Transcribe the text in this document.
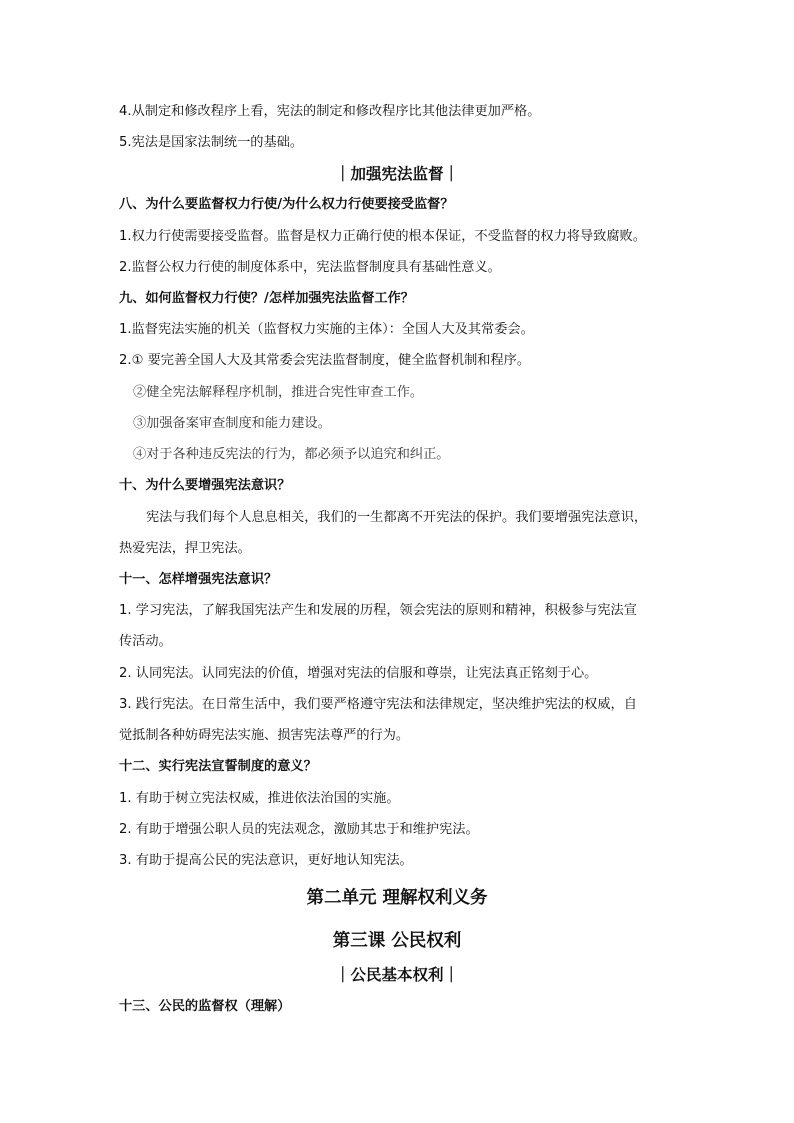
4.从制定和修改程序上看，宪法的制定和修改程序比其他法律更加严格。
5.宪法是国家法制统一的基础。
｜加强宪法监督｜
八、为什么要监督权力行使/为什么权力行使要接受监督？
1.权力行使需要接受监督。监督是权力正确行使的根本保证，不受监督的权力将导致腐败。
2.监督公权力行使的制度体系中，宪法监督制度具有基础性意义。
九、如何监督权力行使？/怎样加强宪法监督工作？
1.监督宪法实施的机关（监督权力实施的主体）：全国人大及其常委会。
2.① 要完善全国人大及其常委会宪法监督制度，健全监督机制和程序。
②健全宪法解释程序机制，推进合宪性审查工作。
③加强备案审查制度和能力建设。
④对于各种违反宪法的行为，都必须予以追究和纠正。
十、为什么要增强宪法意识？
宪法与我们每个人息息相关，我们的一生都离不开宪法的保护。我们要增强宪法意识，
热爱宪法，捍卫宪法。
十一、怎样增强宪法意识？
1. 学习宪法，了解我国宪法产生和发展的历程，领会宪法的原则和精神，积极参与宪法宣
传活动。
2. 认同宪法。认同宪法的价值，增强对宪法的信服和尊崇，让宪法真正铭刻于心。
3. 践行宪法。在日常生活中，我们要严格遵守宪法和法律规定，坚决维护宪法的权威，自
觉抵制各种妨碍宪法实施、损害宪法尊严的行为。
十二、实行宪法宣誓制度的意义？
1. 有助于树立宪法权威，推进依法治国的实施。
2. 有助于增强公职人员的宪法观念，激励其忠于和维护宪法。
3. 有助于提高公民的宪法意识，更好地认知宪法。
第二单元 理解权利义务
第三课 公民权利
｜公民基本权利｜
十三、公民的监督权（理解）
